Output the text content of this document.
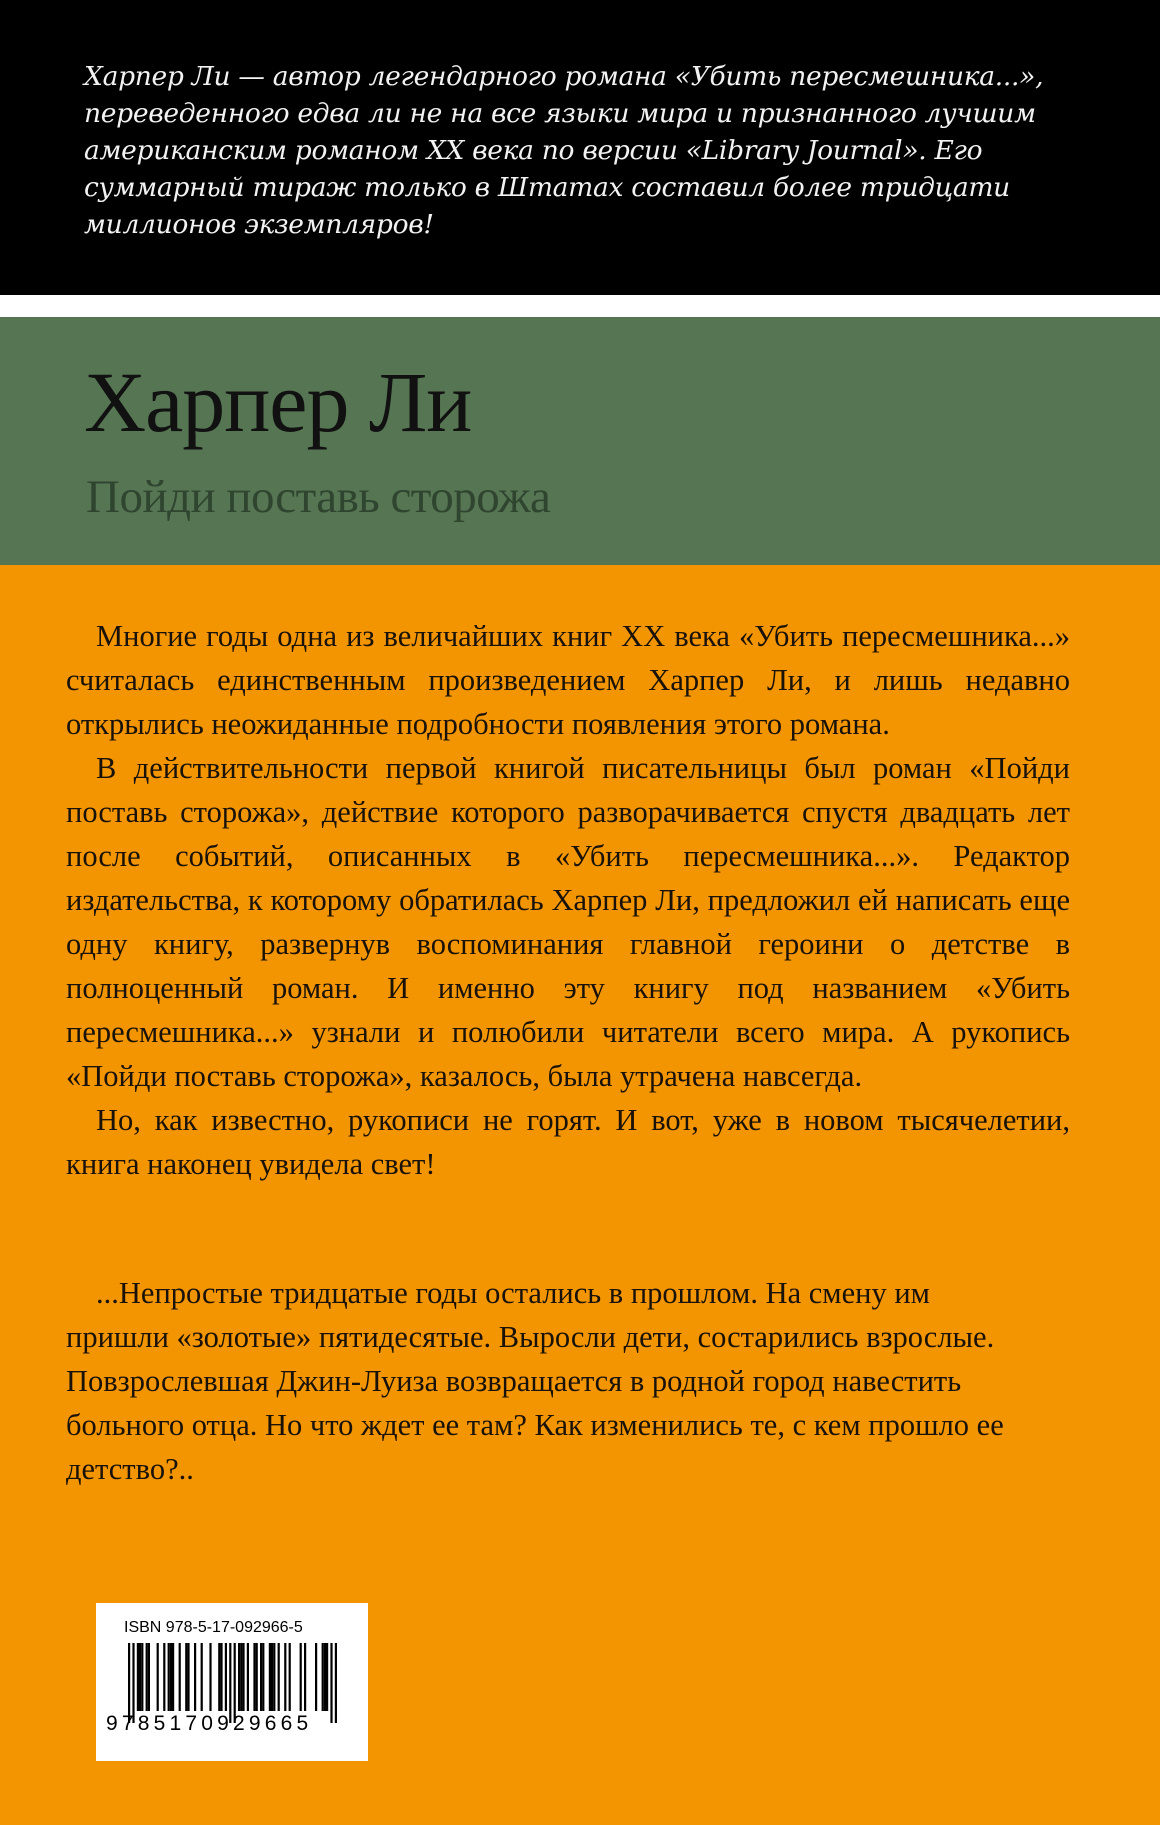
Харпер Ли — автор легендарного романа «Убить пересмешника...», переведенного едва ли не на все языки мира и признанного лучшим американским романом XX века по версии «Library Journal». Его суммарный тираж только в Штатах составил более тридцати миллионов экземпляров!

Харпер Ли
Пойди поставь сторожа

Многие годы одна из величайших книг XX века «Убить пересмешника...» считалась единственным произведением Харпер Ли, и лишь недавно открылись неожиданные подробности появления этого романа.

В действительности первой книгой писательницы был роман «Пойди поставь сторожа», действие которого разворачивается спустя двадцать лет после событий, описанных в «Убить пересмешника...». Редактор издательства, к которому обратилась Харпер Ли, предложил ей написать еще одну книгу, развернув воспоминания главной героини о детстве в полноценный роман. И именно эту книгу под названием «Убить пересмешника...» узнали и полюбили читатели всего мира. А рукопись «Пойди поставь сторожа», казалось, была утрачена навсегда.

Но, как известно, рукописи не горят. И вот, уже в новом тысячелетии, книга наконец увидела свет!

...Непростые тридцатые годы остались в прошлом. На смену им пришли «золотые» пятидесятые. Выросли дети, состарились взрослые. Повзрослевшая Джин-Луиза возвращается в родной город навестить больного отца. Но что ждет ее там? Как изменились те, с кем прошло ее детство?..

ISBN 978-5-17-092966-5

9785170929665
